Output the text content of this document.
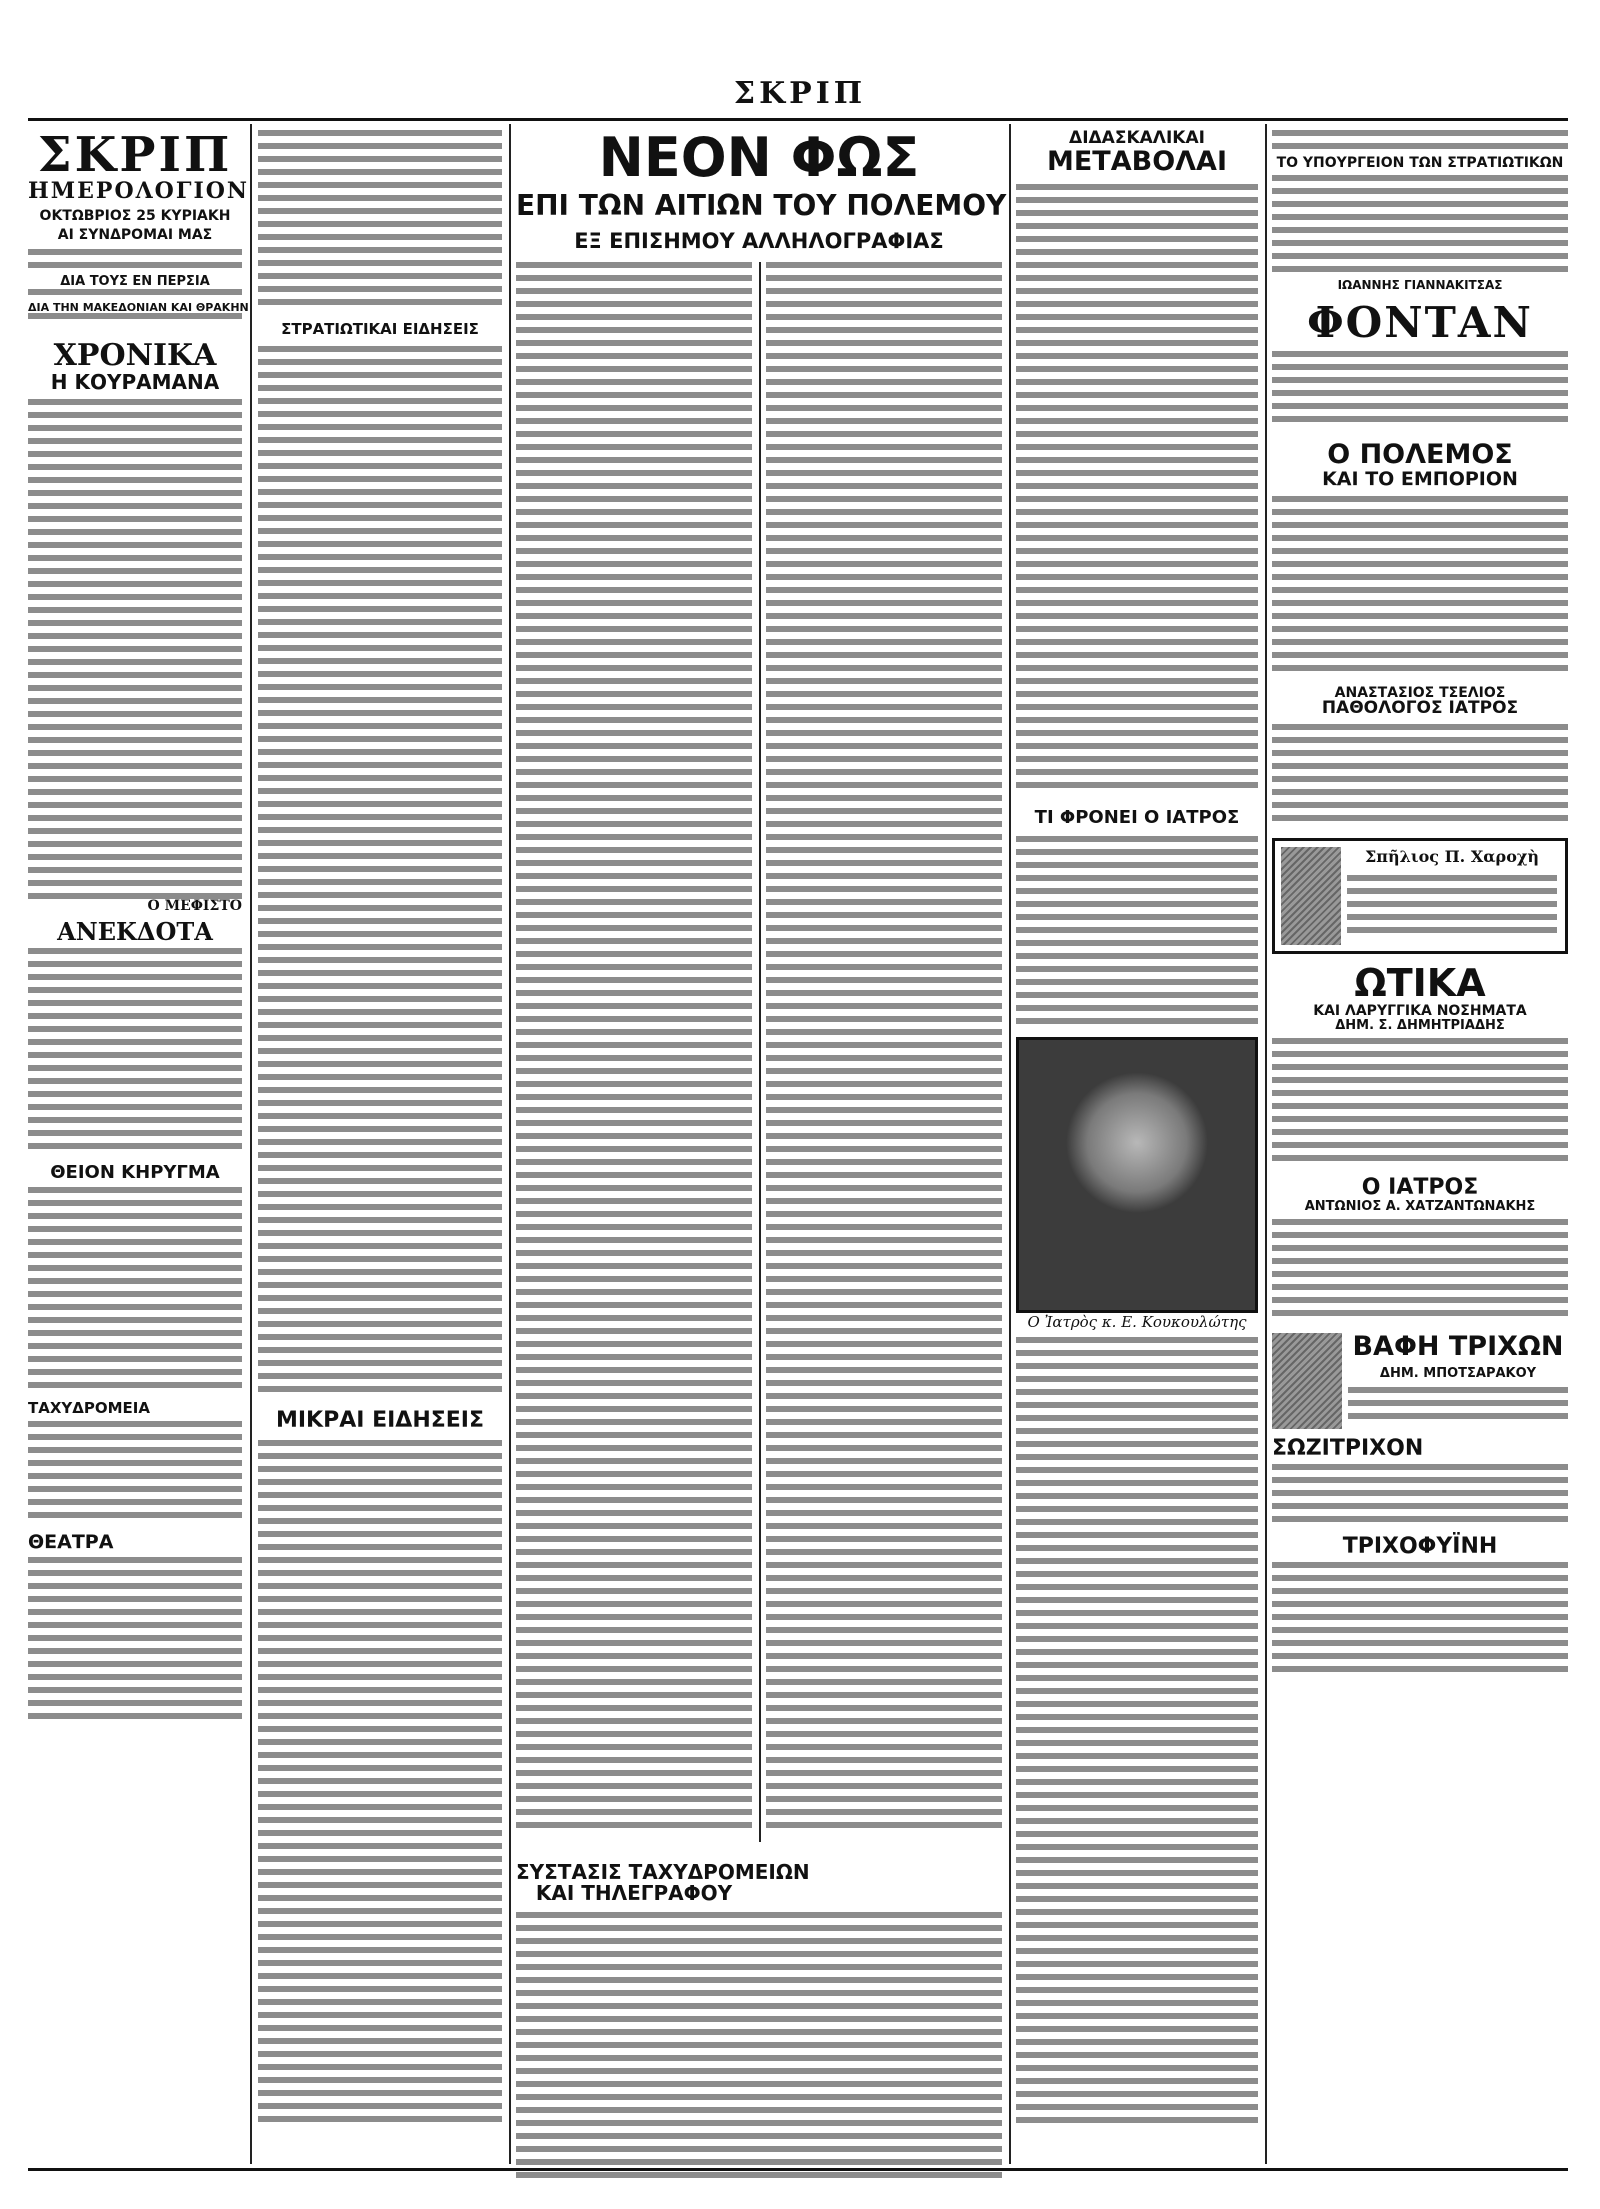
ΣΚΡΙΠ
ΣΚΡΙΠ
ΗΜΕΡΟΛΟΓΙΟΝ
ΟΚΤΩΒΡΙΟΣ 25 ΚΥΡΙΑΚΗ
ΑΙ ΣΥΝΔΡΟΜΑΙ ΜΑΣ
ΔΙΑ ΤΟΥΣ ΕΝ ΠΕΡΣΙΑ
ΔΙΑ ΤΗΝ ΜΑΚΕΔΟΝΙΑΝ ΚΑΙ ΘΡΑΚΗΝ
ΧΡΟΝΙΚΑ
Η ΚΟΥΡΑΜΑΝΑ
Ο ΜΕΦΙΣΤΟ
ΑΝΕΚΔΟΤΑ
ΘΕΙΟΝ ΚΗΡΥΓΜΑ
ΤΑΧΥΔΡΟΜΕΙΑ
ΘΕΑΤΡΑ
ΣΤΡΑΤΙΩΤΙΚΑΙ ΕΙΔΗΣΕΙΣ
ΜΙΚΡΑΙ ΕΙΔΗΣΕΙΣ
ΝΕΟΝ ΦΩΣ
ΕΠΙ ΤΩΝ ΑΙΤΙΩΝ ΤΟΥ ΠΟΛΕΜΟΥ
ΕΞ ΕΠΙΣΗΜΟΥ ΑΛΛΗΛΟΓΡΑΦΙΑΣ
ΣΥΣΤΑΣΙΣ ΤΑΧΥΔΡΟΜΕΙΩΝ
ΚΑΙ ΤΗΛΕΓΡΑΦΟΥ
ΔΙΔΑΣΚΑΛΙΚΑΙ
ΜΕΤΑΒΟΛΑΙ
ΤΙ ΦΡΟΝΕΙ Ο ΙΑΤΡΟΣ
Ο Ἰατρὸς κ. Ε. Κουκουλώτης
ΤΟ ΥΠΟΥΡΓΕΙΟΝ ΤΩΝ ΣΤΡΑΤΙΩΤΙΚΩΝ
ΙΩΑΝΝΗΣ ΓΙΑΝΝΑΚΙΤΣΑΣ
ΦΟΝΤΑΝ
Ο ΠΟΛΕΜΟΣ
ΚΑΙ ΤΟ ΕΜΠΟΡΙΟΝ
ΑΝΑΣΤΑΣΙΟΣ ΤΣΕΛΙΟΣ
ΠΑΘΟΛΟΓΟΣ ΙΑΤΡΟΣ
Σπῆλιος Π. Χαροχὴ
ΩΤΙΚΑ
ΚΑΙ ΛΑΡΥΓΓΙΚΑ ΝΟΣΗΜΑΤΑ
ΔΗΜ. Σ. ΔΗΜΗΤΡΙΑΔΗΣ
Ο ΙΑΤΡΟΣ
ΑΝΤΩΝΙΟΣ Α. ΧΑΤΖΑΝΤΩΝΑΚΗΣ
ΒΑΦΗ ΤΡΙΧΩΝ
ΔΗΜ. ΜΠΟΤΣΑΡΑΚΟΥ
ΣΩΖΙΤΡΙΧΟΝ
ΤΡΙΧΟΦΥΪΝΗ
